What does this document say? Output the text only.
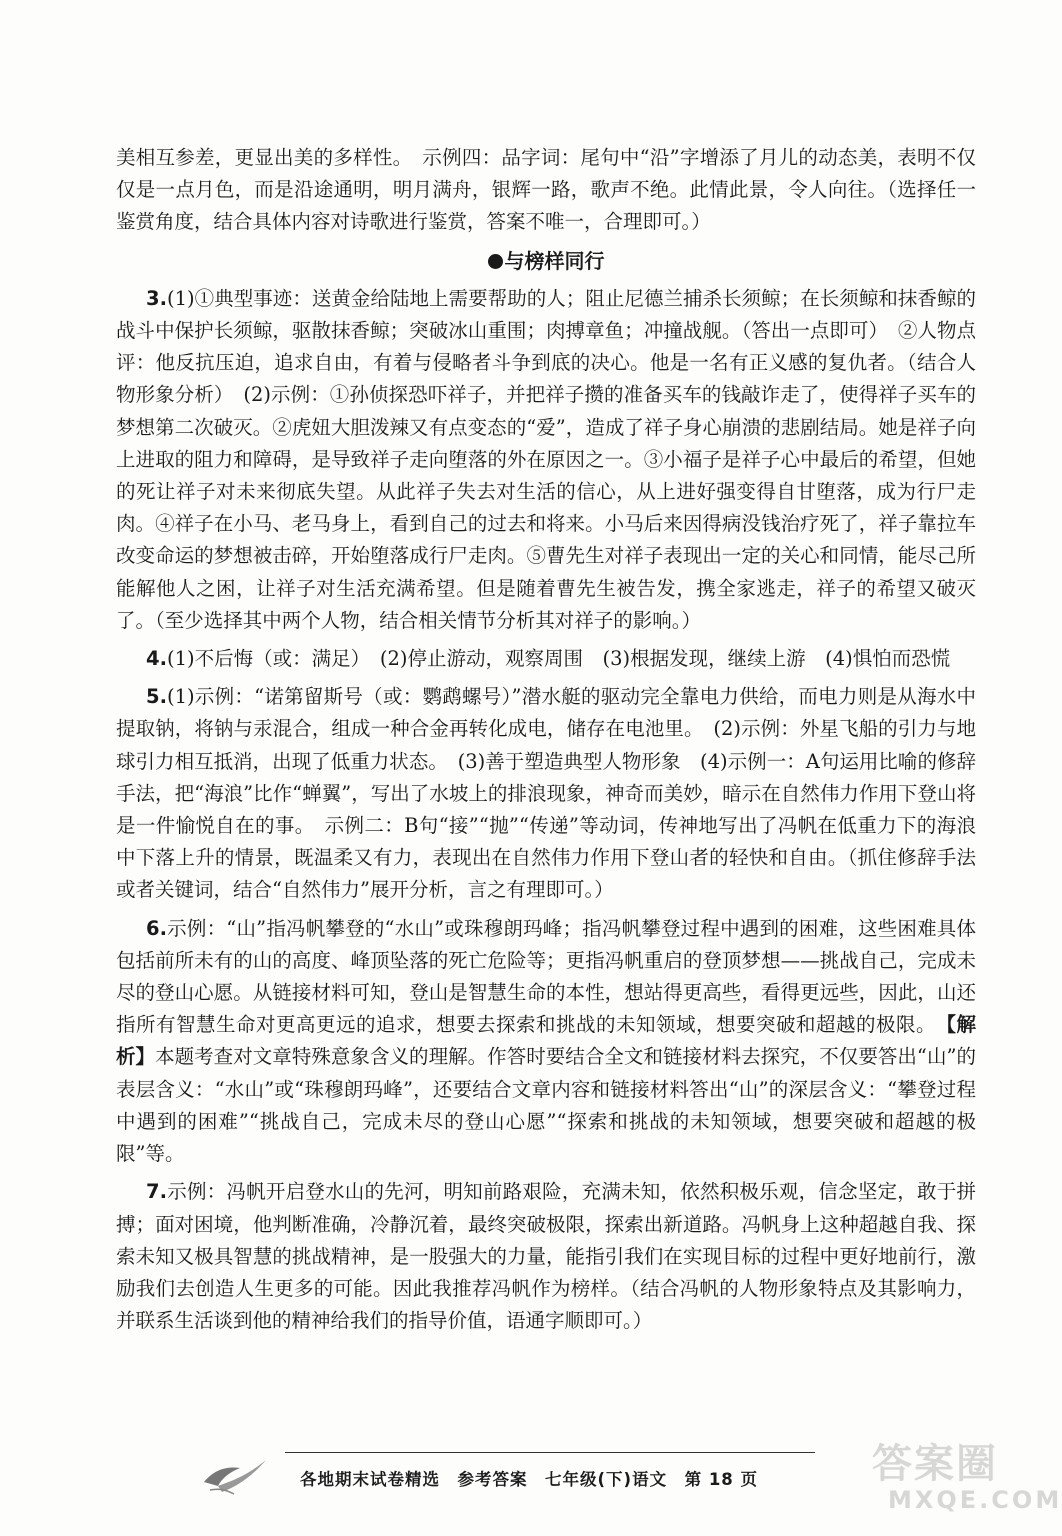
美相互参差，更显出美的多样性。　示例四：品字词：尾句中“沿”字增添了月儿的动态美，表明不仅仅是一点月色，而是沿途通明，明月满舟，银辉一路，歌声不绝。此情此景，令人向往。（选择任一鉴赏角度，结合具体内容对诗歌进行鉴赏，答案不唯一，合理即可。）

与榜样同行

3.(1)①典型事迹：送黄金给陆地上需要帮助的人；阻止尼德兰捕杀长须鲸；在长须鲸和抹香鲸的战斗中保护长须鲸，驱散抹香鲸；突破冰山重围；肉搏章鱼；冲撞战舰。（答出一点即可）　②人物点评：他反抗压迫，追求自由，有着与侵略者斗争到底的决心。他是一名有正义感的复仇者。（结合人物形象分析）　(2)示例：①孙侦探恐吓祥子，并把祥子攒的准备买车的钱敲诈走了，使得祥子买车的梦想第二次破灭。②虎妞大胆泼辣又有点变态的“爱”，造成了祥子身心崩溃的悲剧结局。她是祥子向上进取的阻力和障碍，是导致祥子走向堕落的外在原因之一。③小福子是祥子心中最后的希望，但她的死让祥子对未来彻底失望。从此祥子失去对生活的信心，从上进好强变得自甘堕落，成为行尸走肉。④祥子在小马、老马身上，看到自己的过去和将来。小马后来因得病没钱治疗死了，祥子靠拉车改变命运的梦想被击碎，开始堕落成行尸走肉。⑤曹先生对祥子表现出一定的关心和同情，能尽己所能解他人之困，让祥子对生活充满希望。但是随着曹先生被告发，携全家逃走，祥子的希望又破灭了。（至少选择其中两个人物，结合相关情节分析其对祥子的影响。）

4.(1)不后悔（或：满足）　(2)停止游动，观察周围　(3)根据发现，继续上游　(4)惧怕而恐慌

5.(1)示例：“诺第留斯号（或：鹦鹉螺号）”潜水艇的驱动完全靠电力供给，而电力则是从海水中提取钠，将钠与汞混合，组成一种合金再转化成电，储存在电池里。　(2)示例：外星飞船的引力与地球引力相互抵消，出现了低重力状态。　(3)善于塑造典型人物形象　(4)示例一：A句运用比喻的修辞手法，把“海浪”比作“蝉翼”，写出了水坡上的排浪现象，神奇而美妙，暗示在自然伟力作用下登山将是一件愉悦自在的事。　示例二：B句“接”“抛”“传递”等动词，传神地写出了冯帆在低重力下的海浪中下落上升的情景，既温柔又有力，表现出在自然伟力作用下登山者的轻快和自由。（抓住修辞手法或者关键词，结合“自然伟力”展开分析，言之有理即可。）

6.示例：“山”指冯帆攀登的“水山”或珠穆朗玛峰；指冯帆攀登过程中遇到的困难，这些困难具体包括前所未有的山的高度、峰顶坠落的死亡危险等；更指冯帆重启的登顶梦想——挑战自己，完成未尽的登山心愿。从链接材料可知，登山是智慧生命的本性，想站得更高些，看得更远些，因此，山还指所有智慧生命对更高更远的追求，想要去探索和挑战的未知领域，想要突破和超越的极限。　【解析】本题考查对文章特殊意象含义的理解。作答时要结合全文和链接材料去探究，不仅要答出“山”的表层含义：“水山”或“珠穆朗玛峰”，还要结合文章内容和链接材料答出“山”的深层含义：“攀登过程中遇到的困难”“挑战自己，完成未尽的登山心愿”“探索和挑战的未知领域，想要突破和超越的极限”等。

7.示例：冯帆开启登水山的先河，明知前路艰险，充满未知，依然积极乐观，信念坚定，敢于拼搏；面对困境，他判断准确，冷静沉着，最终突破极限，探索出新道路。冯帆身上这种超越自我、探索未知又极具智慧的挑战精神，是一股强大的力量，能指引我们在实现目标的过程中更好地前行，激励我们去创造人生更多的可能。因此我推荐冯帆作为榜样。（结合冯帆的人物形象特点及其影响力，并联系生活谈到他的精神给我们的指导价值，语通字顺即可。）

各地期末试卷精选　参考答案　七年级(下)语文　第 18 页	答案圈
MXQE.COM
